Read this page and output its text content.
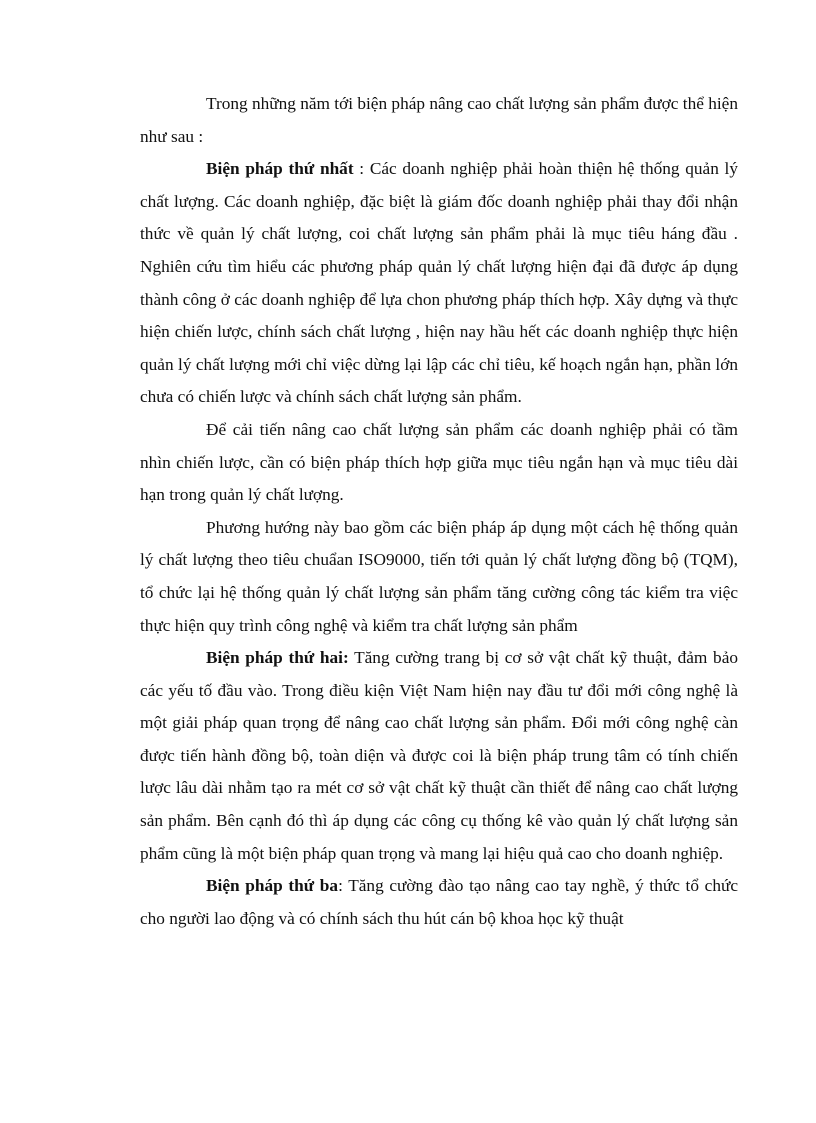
Trong những năm tới biện pháp nâng cao chất lượng sản phẩm được thể hiện như sau :

Biện pháp thứ nhất : Các doanh nghiệp phải hoàn thiện hệ thống quản lý chất lượng. Các doanh nghiệp, đặc biệt là giám đốc doanh nghiệp phải thay đổi nhận thức về quản lý chất lượng, coi chất lượng sản phẩm phải là mục tiêu háng đầu . Nghiên cứu tìm hiểu các phương pháp quản lý chất lượng hiện đại đã được áp dụng thành công ở các doanh nghiệp để lựa chon phương pháp thích hợp. Xây dựng và thực hiện chiến lược, chính sách chất lượng , hiện nay hầu hết các doanh nghiệp thực hiện quản lý chất lượng mới chỉ việc dừng lại lập các chỉ tiêu, kế hoạch ngắn hạn, phần lớn chưa có chiến lược và chính sách chất lượng sản phẩm.

Để cải tiến nâng cao chất lượng sản phẩm các doanh nghiệp phải có tầm nhìn chiến lược, cần có biện pháp thích hợp giữa mục tiêu ngắn hạn và mục tiêu dài hạn trong quản lý chất lượng.

Phương hướng này bao gồm các biện pháp áp dụng một cách hệ thống quản lý chất lượng theo tiêu chuẩan ISO9000, tiến tới quản lý chất lượng đồng bộ (TQM), tổ chức lại hệ thống quản lý chất lượng sản phẩm tăng cường công tác kiểm tra việc thực hiện quy trình công nghệ và kiểm tra chất lượng sản phẩm

Biện pháp thứ hai: Tăng cường trang bị cơ sở vật chất kỹ thuật, đảm bảo các yếu tố đầu vào. Trong điều kiện Việt Nam hiện nay đầu tư đổi mới công nghệ là một giải pháp quan trọng để nâng cao chất lượng sản phẩm. Đổi mới công nghệ càn được tiến hành đồng bộ, toàn diện và được coi là biện pháp trung tâm có tính chiến lược lâu dài nhằm tạo ra mét cơ sở vật chất kỹ thuật cần thiết để nâng cao chất lượng sản phẩm. Bên cạnh đó thì áp dụng các công cụ thống kê vào quản lý chất lượng sản phẩm cũng là một biện pháp quan trọng và mang lại hiệu quả cao cho doanh nghiệp.

Biện pháp thứ ba: Tăng cường đào tạo nâng cao tay nghề, ý thức tổ chức cho người lao động và có chính sách thu hút cán bộ khoa học kỹ thuật
